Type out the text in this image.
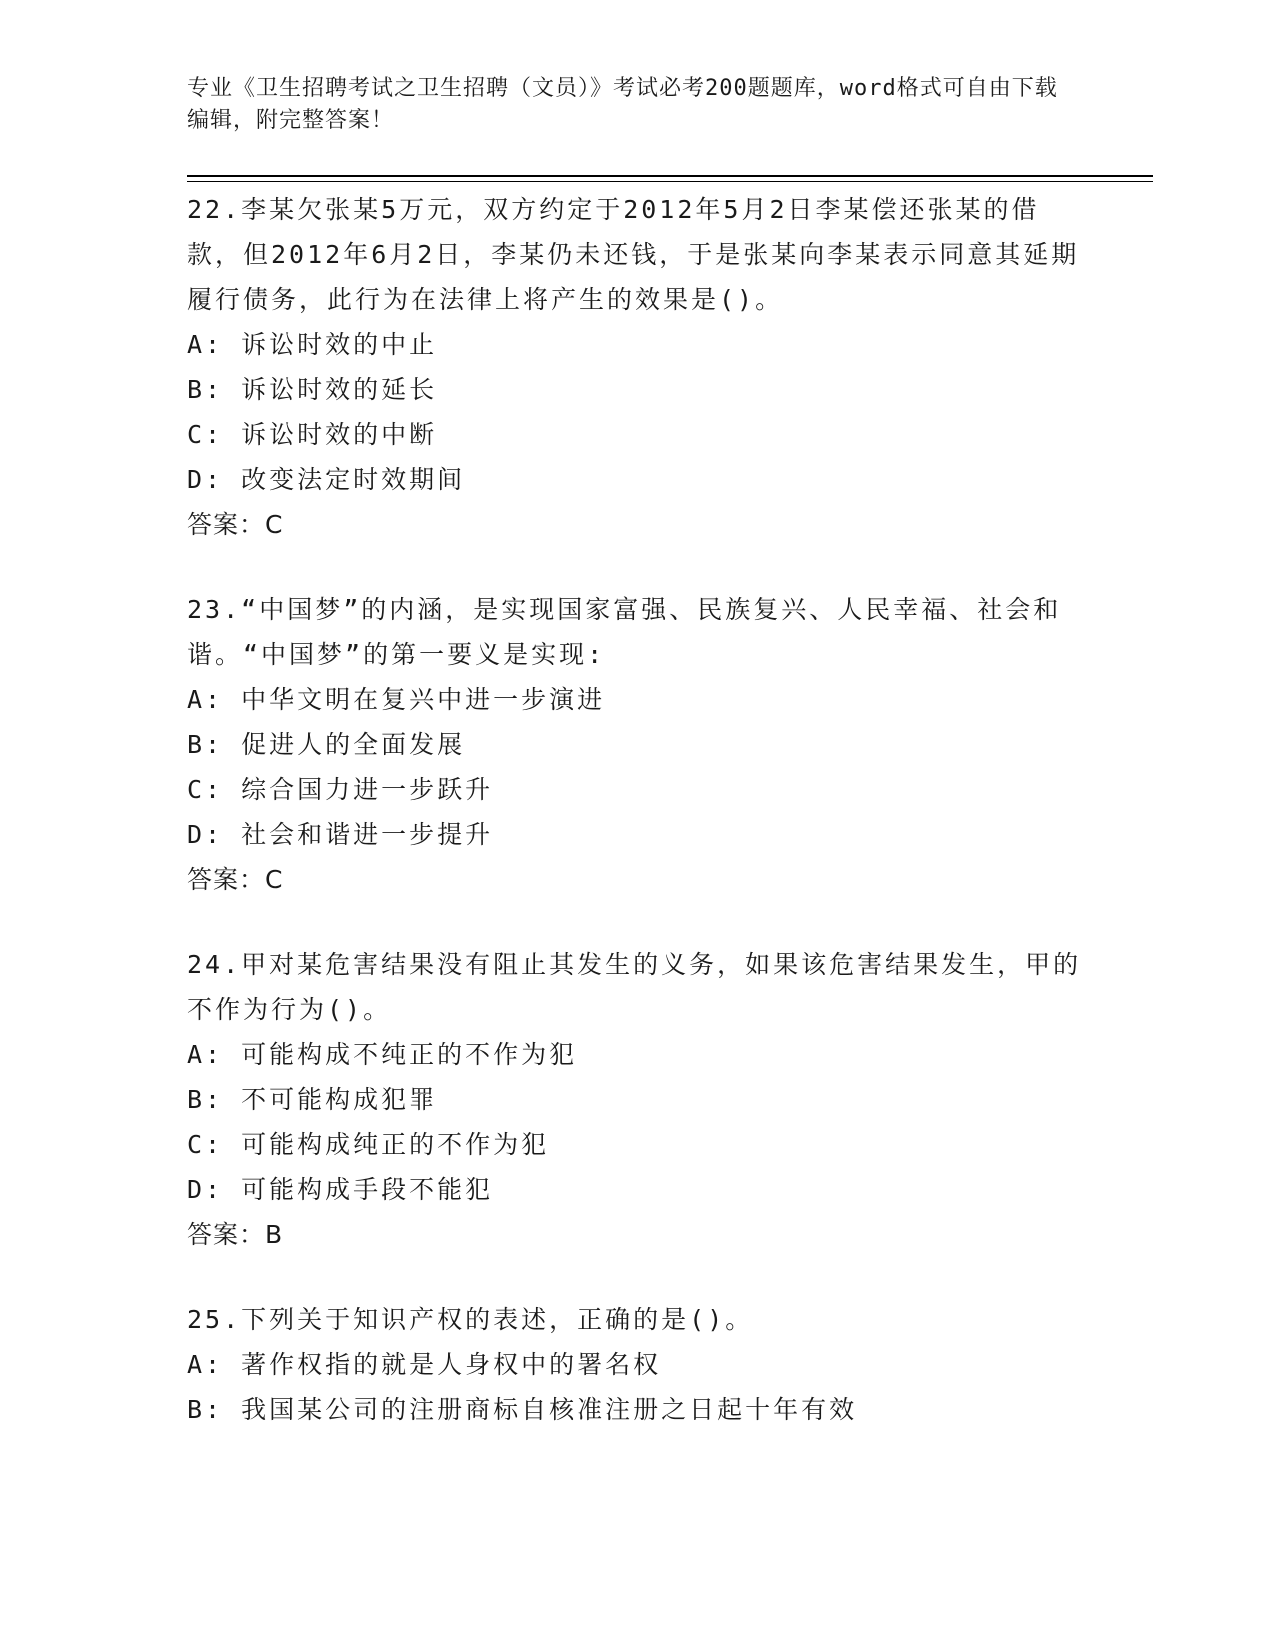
专业《卫生招聘考试之卫生招聘（文员）》考试必考200题题库，word格式可自由下载编辑，附完整答案！
22.李某欠张某5万元，双方约定于2012年5月2日李某偿还张某的借款，但2012年6月2日，李某仍未还钱，于是张某向李某表示同意其延期履行债务，此行为在法律上将产生的效果是()。
A: 诉讼时效的中止
B: 诉讼时效的延长
C: 诉讼时效的中断
D: 改变法定时效期间
答案：C
23.“中国梦”的内涵，是实现国家富强、民族复兴、人民幸福、社会和谐。“中国梦”的第一要义是实现:
A: 中华文明在复兴中进一步演进
B: 促进人的全面发展
C: 综合国力进一步跃升
D: 社会和谐进一步提升
答案：C
24.甲对某危害结果没有阻止其发生的义务，如果该危害结果发生，甲的不作为行为()。
A: 可能构成不纯正的不作为犯
B: 不可能构成犯罪
C: 可能构成纯正的不作为犯
D: 可能构成手段不能犯
答案：B
25.下列关于知识产权的表述，正确的是()。
A: 著作权指的就是人身权中的署名权
B: 我国某公司的注册商标自核准注册之日起十年有效
